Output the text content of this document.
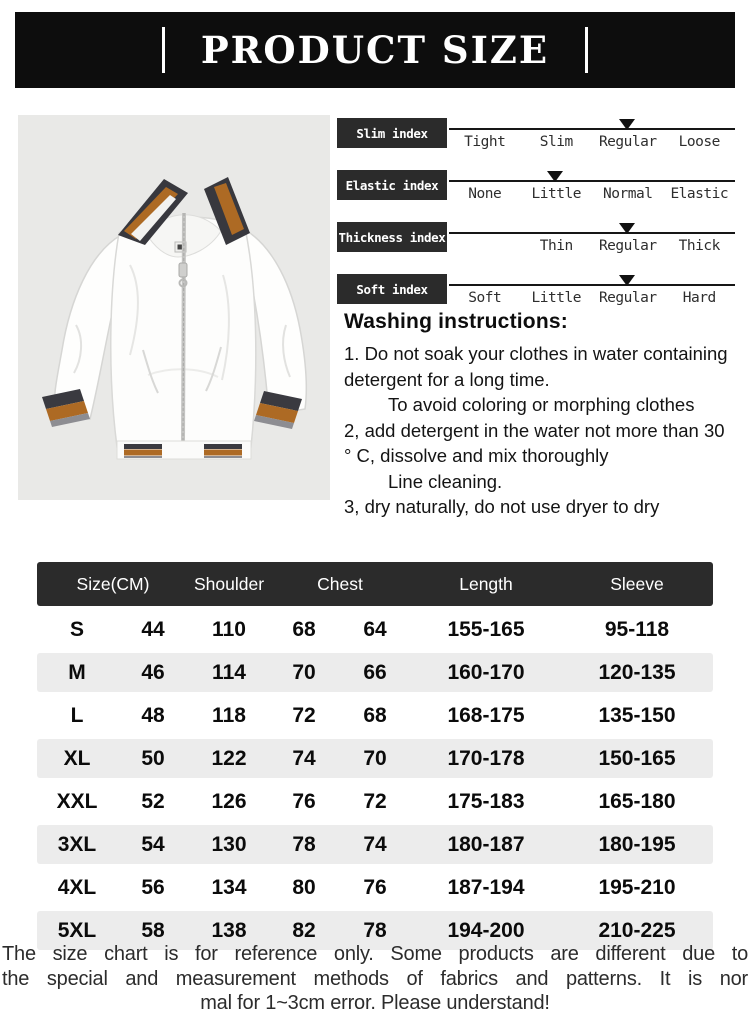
PRODUCT SIZE
Slim index
Tight	Slim	Regular	Loose
Elastic index
None	Little	Normal	Elastic
Thickness index
Thin	Regular	Thick
Soft index
Soft	Little	Regular	Hard
Washing instructions:
1. Do not soak your clothes in water containing
detergent for a long time.
To avoid coloring or morphing clothes
2, add detergent in the water not more than 30
° C, dissolve and mix thoroughly
Line cleaning.
3, dry naturally, do not use dryer to dry
Size(CM)		Shoulder	Chest		Length	Sleeve
S	44	110	68	64	155-165	95-118
M	46	114	70	66	160-170	120-135
L	48	118	72	68	168-175	135-150
XL	50	122	74	70	170-178	150-165
XXL	52	126	76	72	175-183	165-180
3XL	54	130	78	74	180-187	180-195
4XL	56	134	80	76	187-194	195-210
5XL	58	138	82	78	194-200	210-225
The size chart is for reference only. Some products are different due to
the special and measurement methods of fabrics and patterns. It is nor
mal for 1~3cm error. Please understand!
